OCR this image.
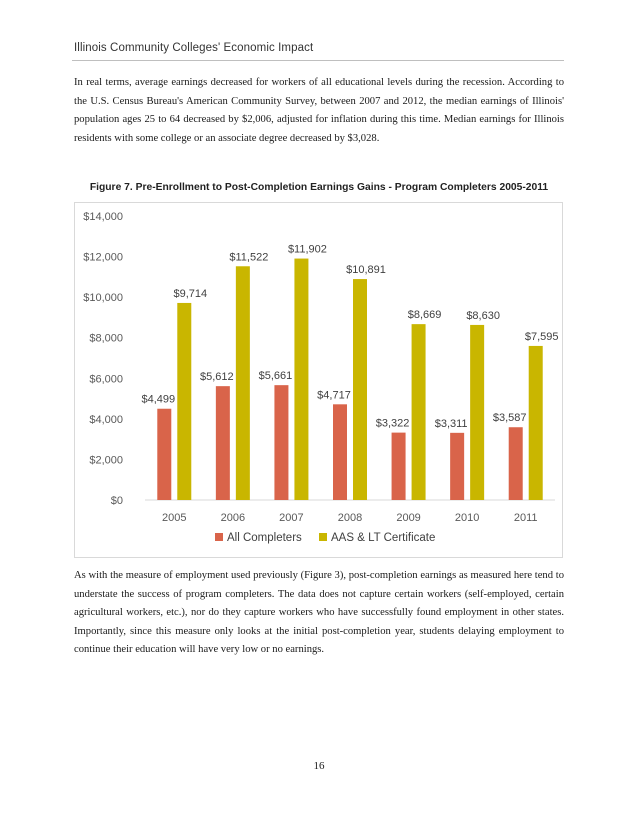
Illinois Community Colleges' Economic Impact

In real terms, average earnings decreased for workers of all educational levels during the recession. According to the U.S. Census Bureau's American Community Survey, between 2007 and 2012, the median earnings of Illinois' population ages 25 to 64 decreased by $2,006, adjusted for inflation during this time. Median earnings for Illinois residents with some college or an associate degree decreased by $3,028.

Figure 7. Pre-Enrollment to Post-Completion Earnings Gains - Program Completers 2005-2011
$0
$2,000
$4,000
$6,000
$8,000
$10,000
$12,000
$14,000
2005
$4,499
$9,714
2006
$5,612
$11,522
2007
$5,661
$11,902
2008
$4,717
$10,891
2009
$3,322
$8,669
2010
$3,311
$8,630
2011
$3,587
$7,595
All Completers	AAS & LT Certificate

As with the measure of employment used previously (Figure 3), post-completion earnings as measured here tend to understate the success of program completers. The data does not capture certain workers (self-employed, certain agricultural workers, etc.), nor do they capture workers who have successfully found employment in other states. Importantly, since this measure only looks at the initial post-completion year, students delaying employment to continue their education will have very low or no earnings.

16
